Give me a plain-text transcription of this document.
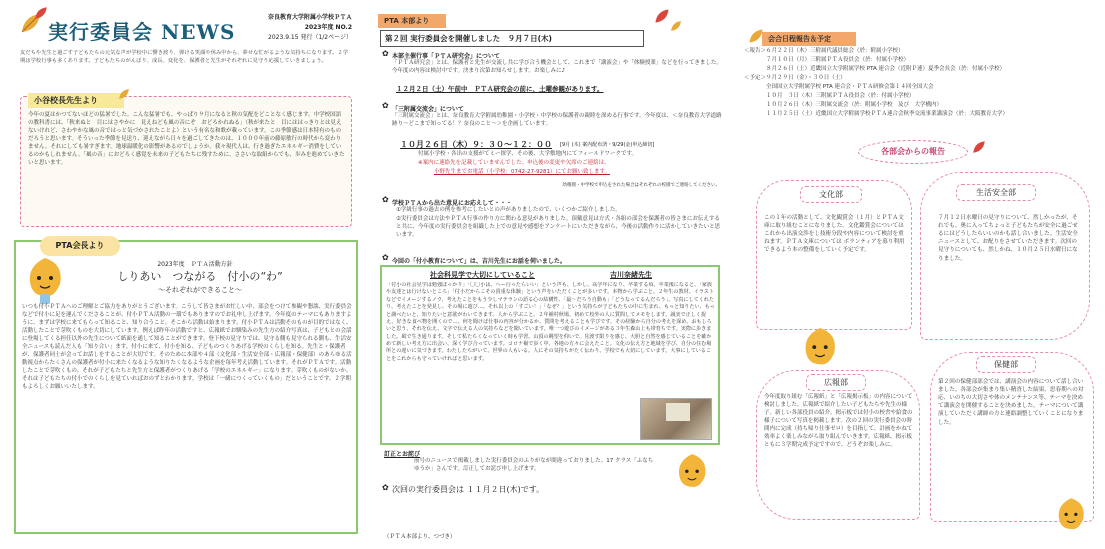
実行委員会 NEWS
奈良教育大学附属小学校ＰＴＡ
2023年度 NO.2
2023.9.15 発行（1/2ページ）
友だちや先生と過ごす子どもたちの元気な声が学校中に響き渡り、弾ける笑顔や休み中から、夢せな忙がるような気持ちになります。２学期は学校行事も多くあります。子どもたちのがんばり、成長、変化を、保護者と先生がそれぞれに見守り応援していきましょう。
小谷校長先生より
今年の夏はかつてないほどの猛暑でした。こんな猛暑でも、やっぱり９月になると秋の気配をどことなく感じます。中学校国語の教科書には、「秋来ぬと　目にはさやかに　見えねども風の音にぞ　おどろかれぬる」（秋が来たと　目にははっきりとは見えないけれど、さわやかな風の音ではっと気づかされたことよ）という有名な和歌が載っています。この季節感は日本特有のものだろうと思います。そういった季節を見送り、迎えながら日々を過ごしてきたのは、１０００年前の藤原敏行の時代から変わりません。それにしても暑すぎます。地球温暖化の影響があるのでしょうか。我々現代人は、行き過ぎたエネルギー消費をしているのかもしれません。「風の音」におどろく感覚を未来の子どもたちに残すために、ささいな取組からでも、歩みを進めていきたいと思います。
PTA会長より
2023年度　ＰＴＡ活動方針
しりあい　つながる　付小の“わ”
～それぞれができること～
いつも付小ＰＴＡへのご理解とご協力をありがとうございます。こうして皆さまがお忙しい中、部会をつけて参観や懇談、実行委員会などで付小に足を運んでくださることが、付小ＰＴＡ活動の一環でもありますのでお礼申し上げます。今年度のテーマにもありますように、まずは学校に来てもらって知ること、知り合うこと。そこから活動は始まります。付小ＰＴＡは活動そのものが目的ではなく、活動したことで芽吹くものを大切にしています。例えば昨年の活動ですと、広報紙でお馴染みの先生方の紹介写真は、子どもとの会話に登場してくる担任以外の先生について紙面を通して知ることができます。登下校の見守りでは、見守る側も見守られる側も、生活安全ニュースも読んだ人も「知り合い」ます。付小に来て、付小を知る、子どものつくりあげる学校のくらしを知る。先生と・保護者が、保護者同士が会ってお話しをすることが大切です。そのために本部や４部（文化部・生活安全部・広報部・保健部）のあらゆる活動視点からたくさんの保護者が付小に来たくなるような知りたくなるような企画を毎年考え活動しています。それがＰＴＡです。活動したことで芽吹くもの。それが子どもたちと先生方と保護者がつくりあげる「学校のエネルギー」になります。芽吹くものがないか、それは子どもたちの付小でのくらしを見ていればおのずとわかります。学校は「一緒につくっていくもの」だということです。２学期もよろしくお願いいたします。
PTA 本部より
第２回 実行委員会を開催しました　９月７日(木)
✿ 本部主催行事「ＰＴＡ研究会」について
「ＰＴＡ研究会」とは、保護者と先生が交流し共に学び合う機会として、これまで「講演会」や「体験授業」などを行ってきました。今年度の内容は検討中です。決まり次第お知らせします。お楽しみに♪
１２月２日（土）午前中　ＰＴＡ研究会の前に、土曜参観があります。
✿ 「三附属交流会」について
「三附属交流会」とは、奈良教育大学附属幼稚園・小学校・中学校の保護者の親睦を深める行事です。今年度は、＜奈良教育大学道路跡り～どこまで知ってる！？奈良のこと～＞を企画しています。
１０月２６日（木）９：３０～１２：００ [9月 (木) 案内配布済・9/29(金)申込締切]
付属小学校・各出の支援がてミー探学、その後、大学敷地内にてフィールドワークです。
※案内に連絡先を記載していませんでした。申込後の変更や欠席のご連絡は、
小野先生までお電話（小学校：0742-27-9281）にてお願い致します。
幼稚園・中学校で申込をされた場合はそれぞれの校園でご連絡してください。
✿ 学校ＰＴＡから出た意見にお応えして・・・
①学級行事の過去の例を参考にしたいとの声がありましたので、いくつかご紹介しました。
②実行委員会は方法やＰＴＡ行事の作り方に関わる意見がありました。頂戴意見は方式・各組の部会を保護者の皆さまにお伝えすると共に、今年度の実行委員会を組織した上での意見や感想をアンケートにいただきながら、今後の活動作りに活かしていきたいと思います。
✿ 今回の「付小教育について」は、吉川先生にお話を伺いました。
社会科見学で大切にしていること	吉川奈緒先生
「付小の社会見学は勉強ばっかり」「〇〇小は、へー行ったらいい」という声も、しかし、高学年になり、卒業する頃、卒業後になると、「家族や友達とは行けないところ」「付小だからこその貴重な体験」という声をいただくことが多いです。本物から学ぶこと。２年生の教材、イラストなどでイメージするノウ、考えたことをもう少しマテランの語る心の結構性、「最～だろう自動も」「どうなってるんだろう」、写真にしてくれたり、考えたことを発見し、その場に遊び…。それ以上の「すごい！」「なぜ？」という気持ちが子どもたちの中に生まれ、もっと知りたい、もっと調べたいと、知りたいと意欲がわいてきます。人から学ぶこと。２年補村秋場、初めて校外の人に質問してメモをします。誠実で正しく捉え、好きな食べ物を開くので…。何を聞けば仕事の内容が分かるか、質問を考えることも学びです。その経験から自分の考えを深め、おもしろいと思う、それを伝え、文字で伝える人の気持ちなどを聞いています。唯一つ遊びのイメージがある３年生森山上も帯育ちです。実際に歩きました。風で生き通ります。そして私たちくなっていく時も学習。山頂の眺望を仰いで、見渡す限りを感じ、大胆と自然を感じていることを確かめて新しい考え方に出会い、深く学び合っています。コロナ禍で歩く中、各地の方々に会えたこと。文化の伝え方と地域を学び、自分の住む場所との違いに気づきます。わたしたちがいて、世界の人もいる。人にその気持ちがたく伝わり、学校でも大切にしています。大事にしていることをこれからも守っていければと思います。
訂正とお詫び
前号のニュースで掲載しました実行委員会のふりがなが間違っておりました。17 クラス「ふなちゆうか」さんです。訂正してお詫び申し上げます。
✿ 次回の実行委員会は １１月２日(木)です。
（ＰＴＡ本部より、つづき）
会合日程報告＆予定
＜報告＞６月２２日（木）三附属代議員総会（於：附属小学校）
　　　　７月１０日（月）三附属ＰＴＡ役員会（於：付属小学校）
　　　　８月２６日（土）近畿国立大学附属学校 PTA 連合会（近附Ｐ連）夏季会長会（於：付属小学校）
＜予定＞９月２９日（金）・３０日（土）
　　　　全国国立大学附属学校 PTA 連合会・ＰＴＡ研修会第１４回全国大会
　　　　１０月　３日（木）三附属ＰＴＡ役員会（於：付属小学校）
　　　　１０月２６日（木）三附属交流会（於：附属小学校　及び　大学構内）
　　　　１１月２５日（土）近畿国立大学附属学校ＰＴＡ連合会秋季交流事業講演会（於：大阪教育大学）
各部会からの報告
文化部
この１年の活動として、文化観賞会（１月）とＰＴＡ文庫に取り組むことになりました。文化鑑賞会についてはこれから出演交渉をし技術分段や内容について検討を重ねます。ＰＴＡ文庫については ボランティアを募り利用できるよう本の整備をしていく予定です。
生活安全部
７月１２日水曜日の見守りについて、然しかったが、それでも、奥に入ってちょっと子どもたちが安全に過ごせるにはどうしたらいいのかも話し合いました。生活安全ニュースとして、お配りをさせていただきます。次回の見守りについても、然しかね、１０月２５日水曜日になりました。
広報部
今年度取り組む「広報紙」と「広報掲示板」の内容について検討しました。広報紙で紹介したい子どもたちや先生の様子。新しい各部役員の紹介。掲示板では付小の校舎や給食の様子について写真を掲載します。次の２回の実行委員会の時間内に完成（持ち帰り仕事ゼロ）を目指して、計画をかねて効率よく楽しみながら取り組んでいきます。広報紙、掲示板ともに３学期完成予定ですので、どうぞお楽しみに。
保健部
第２回の保健部部会では、講演会の内容について話し合いました。各部会が集まり集い精査した結果、思春期への対応、いのちの大切さや体のメンテナンス等、テーマを決めて講演会を開催することを決めました。テーマについて講演していただく講師の方と連絡調整していくことになりました。
